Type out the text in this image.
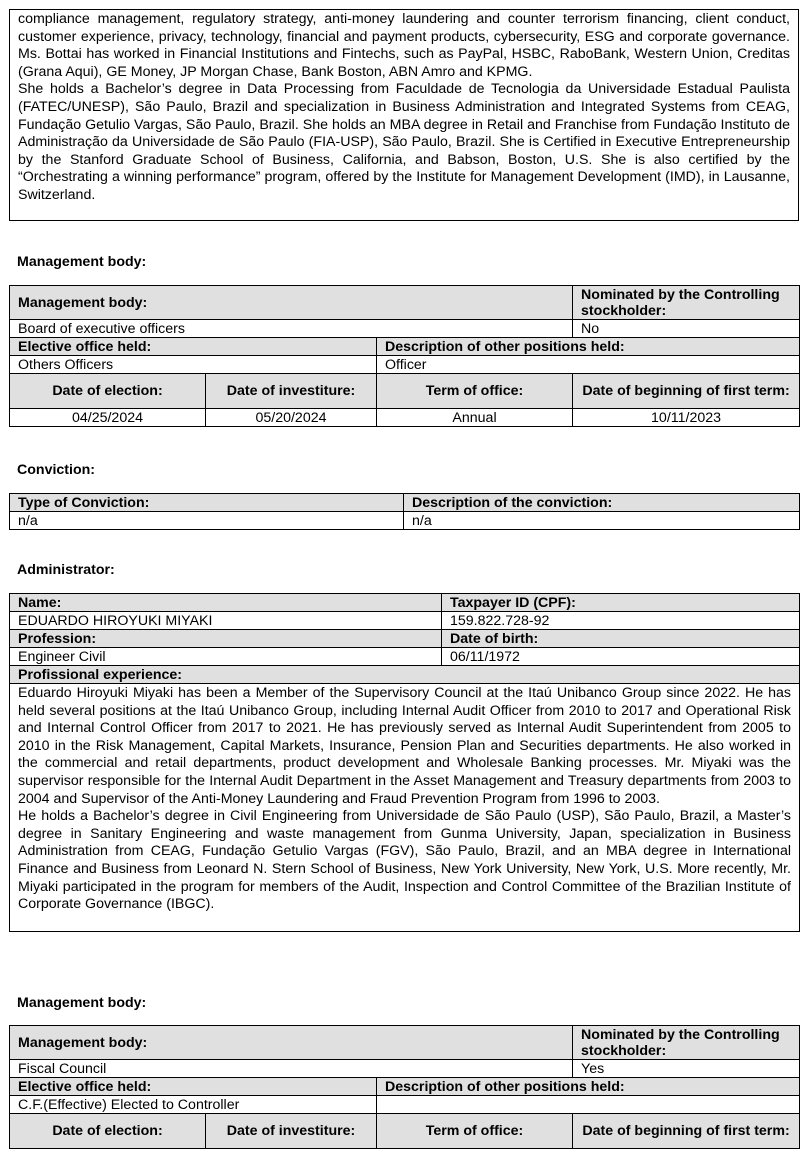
compliance management, regulatory strategy, anti-money laundering and counter terrorism financing, client conduct, customer experience, privacy, technology, financial and payment products, cybersecurity, ESG and corporate governance. Ms. Bottai has worked in Financial Institutions and Fintechs, such as PayPal, HSBC, RaboBank, Western Union, Creditas (Grana Aqui), GE Money, JP Morgan Chase, Bank Boston, ABN Amro and KPMG.

She holds a Bachelor’s degree in Data Processing from Faculdade de Tecnologia da Universidade Estadual Paulista (FATEC/UNESP), São Paulo, Brazil and specialization in Business Administration and Integrated Systems from CEAG, Fundação Getulio Vargas, São Paulo, Brazil. She holds an MBA degree in Retail and Franchise from Fundação Instituto de Administração da Universidade de São Paulo (FIA-USP), São Paulo, Brazil. She is Certified in Executive Entrepreneurship by the Stanford Graduate School of Business, California, and Babson, Boston, U.S. She is also certified by the “Orchestrating a winning performance” program, offered by the Institute for Management Development (IMD), in Lausanne, Switzerland.

Management body:
Management body:			Nominated by the Controlling stockholder:
Board of executive officers			No
Elective office held:		Description of other positions held:	
Others Officers		Officer	
Date of election:	Date of investiture:	Term of office:	Date of beginning of first term:
04/25/2024	05/20/2024	Annual	10/11/2023
Conviction:
Type of Conviction:	Description of the conviction:
n/a	n/a
Administrator:
Name:	Taxpayer ID (CPF):
EDUARDO HIROYUKI MIYAKI	159.822.728-92
Profession:	Date of birth:
Engineer Civil	06/11/1972
Profissional experience:	

Eduardo Hiroyuki Miyaki has been a Member of the Supervisory Council at the Itaú Unibanco Group since 2022. He has held several positions at the Itaú Unibanco Group, including Internal Audit Officer from 2010 to 2017 and Operational Risk and Internal Control Officer from 2017 to 2021. He has previously served as Internal Audit Superintendent from 2005 to 2010 in the Risk Management, Capital Markets, Insurance, Pension Plan and Securities departments. He also worked in the commercial and retail departments, product development and Wholesale Banking processes. Mr. Miyaki was the supervisor responsible for the Internal Audit Department in the Asset Management and Treasury departments from 2003 to 2004 and Supervisor of the Anti-Money Laundering and Fraud Prevention Program from 1996 to 2003.

He holds a Bachelor’s degree in Civil Engineering from Universidade de São Paulo (USP), São Paulo, Brazil, a Master’s degree in Sanitary Engineering and waste management from Gunma University, Japan, specialization in Business Administration from CEAG, Fundação Getulio Vargas (FGV), São Paulo, Brazil, and an MBA degree in International Finance and Business from Leonard N. Stern School of Business, New York University, New York, U.S. More recently, Mr. Miyaki participated in the program for members of the Audit, Inspection and Control Committee of the Brazilian Institute of Corporate Governance (IBGC).	

Management body:
Management body:			Nominated by the Controlling stockholder:
Fiscal Council			Yes
Elective office held:		Description of other positions held:	
C.F.(Effective) Elected to Controller			
Date of election:	Date of investiture:	Term of office:	Date of beginning of first term:
